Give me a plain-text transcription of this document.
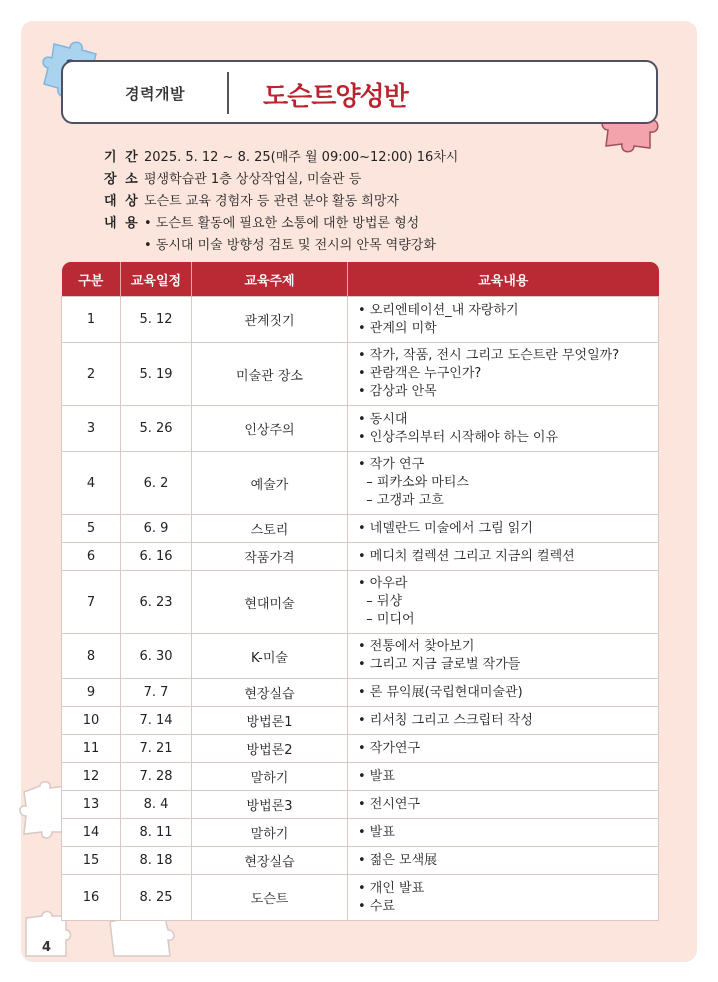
경력개발	도슨트양성반
기 간 2025. 5. 12 ~ 8. 25(매주 월 09:00~12:00) 16차시
장 소 평생학습관 1층 상상작업실, 미술관 등
대 상 도슨트 교육 경험자 등 관련 분야 활동 희망자
내 용 • 도슨트 활동에 필요한 소통에 대한 방법론 형성
• 동시대 미술 방향성 검토 및 전시의 안목 역량강화
구분	교육일정	교육주제	교육내용
1	5. 12	관계짓기	• 오리엔테이션_내 자랑하기
• 관계의 미학

2	5. 19	미술관 장소	• 작가, 작품, 전시 그리고 도슨트란 무엇일까?
• 관람객은 누구인가?
• 감상과 안목

3	5. 26	인상주의	• 동시대
• 인상주의부터 시작해야 하는 이유

4	6. 2	예술가	• 작가 연구
– 피카소와 마티스
– 고갱과 고흐

5	6. 9	스토리	• 네델란드 미술에서 그림 읽기

6	6. 16	작품가격	• 메디치 컬렉션 그리고 지금의 컬렉션

7	6. 23	현대미술	• 아우라
– 뒤샹
– 미디어

8	6. 30	K-미술	• 전통에서 찾아보기
• 그리고 지금 글로벌 작가들

9	7. 7	현장실습	• 론 뮤익展(국립현대미술관)

10	7. 14	방법론1	• 리서칭 그리고 스크립터 작성

11	7. 21	방법론2	• 작가연구

12	7. 28	말하기	• 발표

13	8. 4	방법론3	• 전시연구

14	8. 11	말하기	• 발표

15	8. 18	현장실습	• 젊은 모색展

16	8. 25	도슨트	• 개인 발표
• 수료
4
